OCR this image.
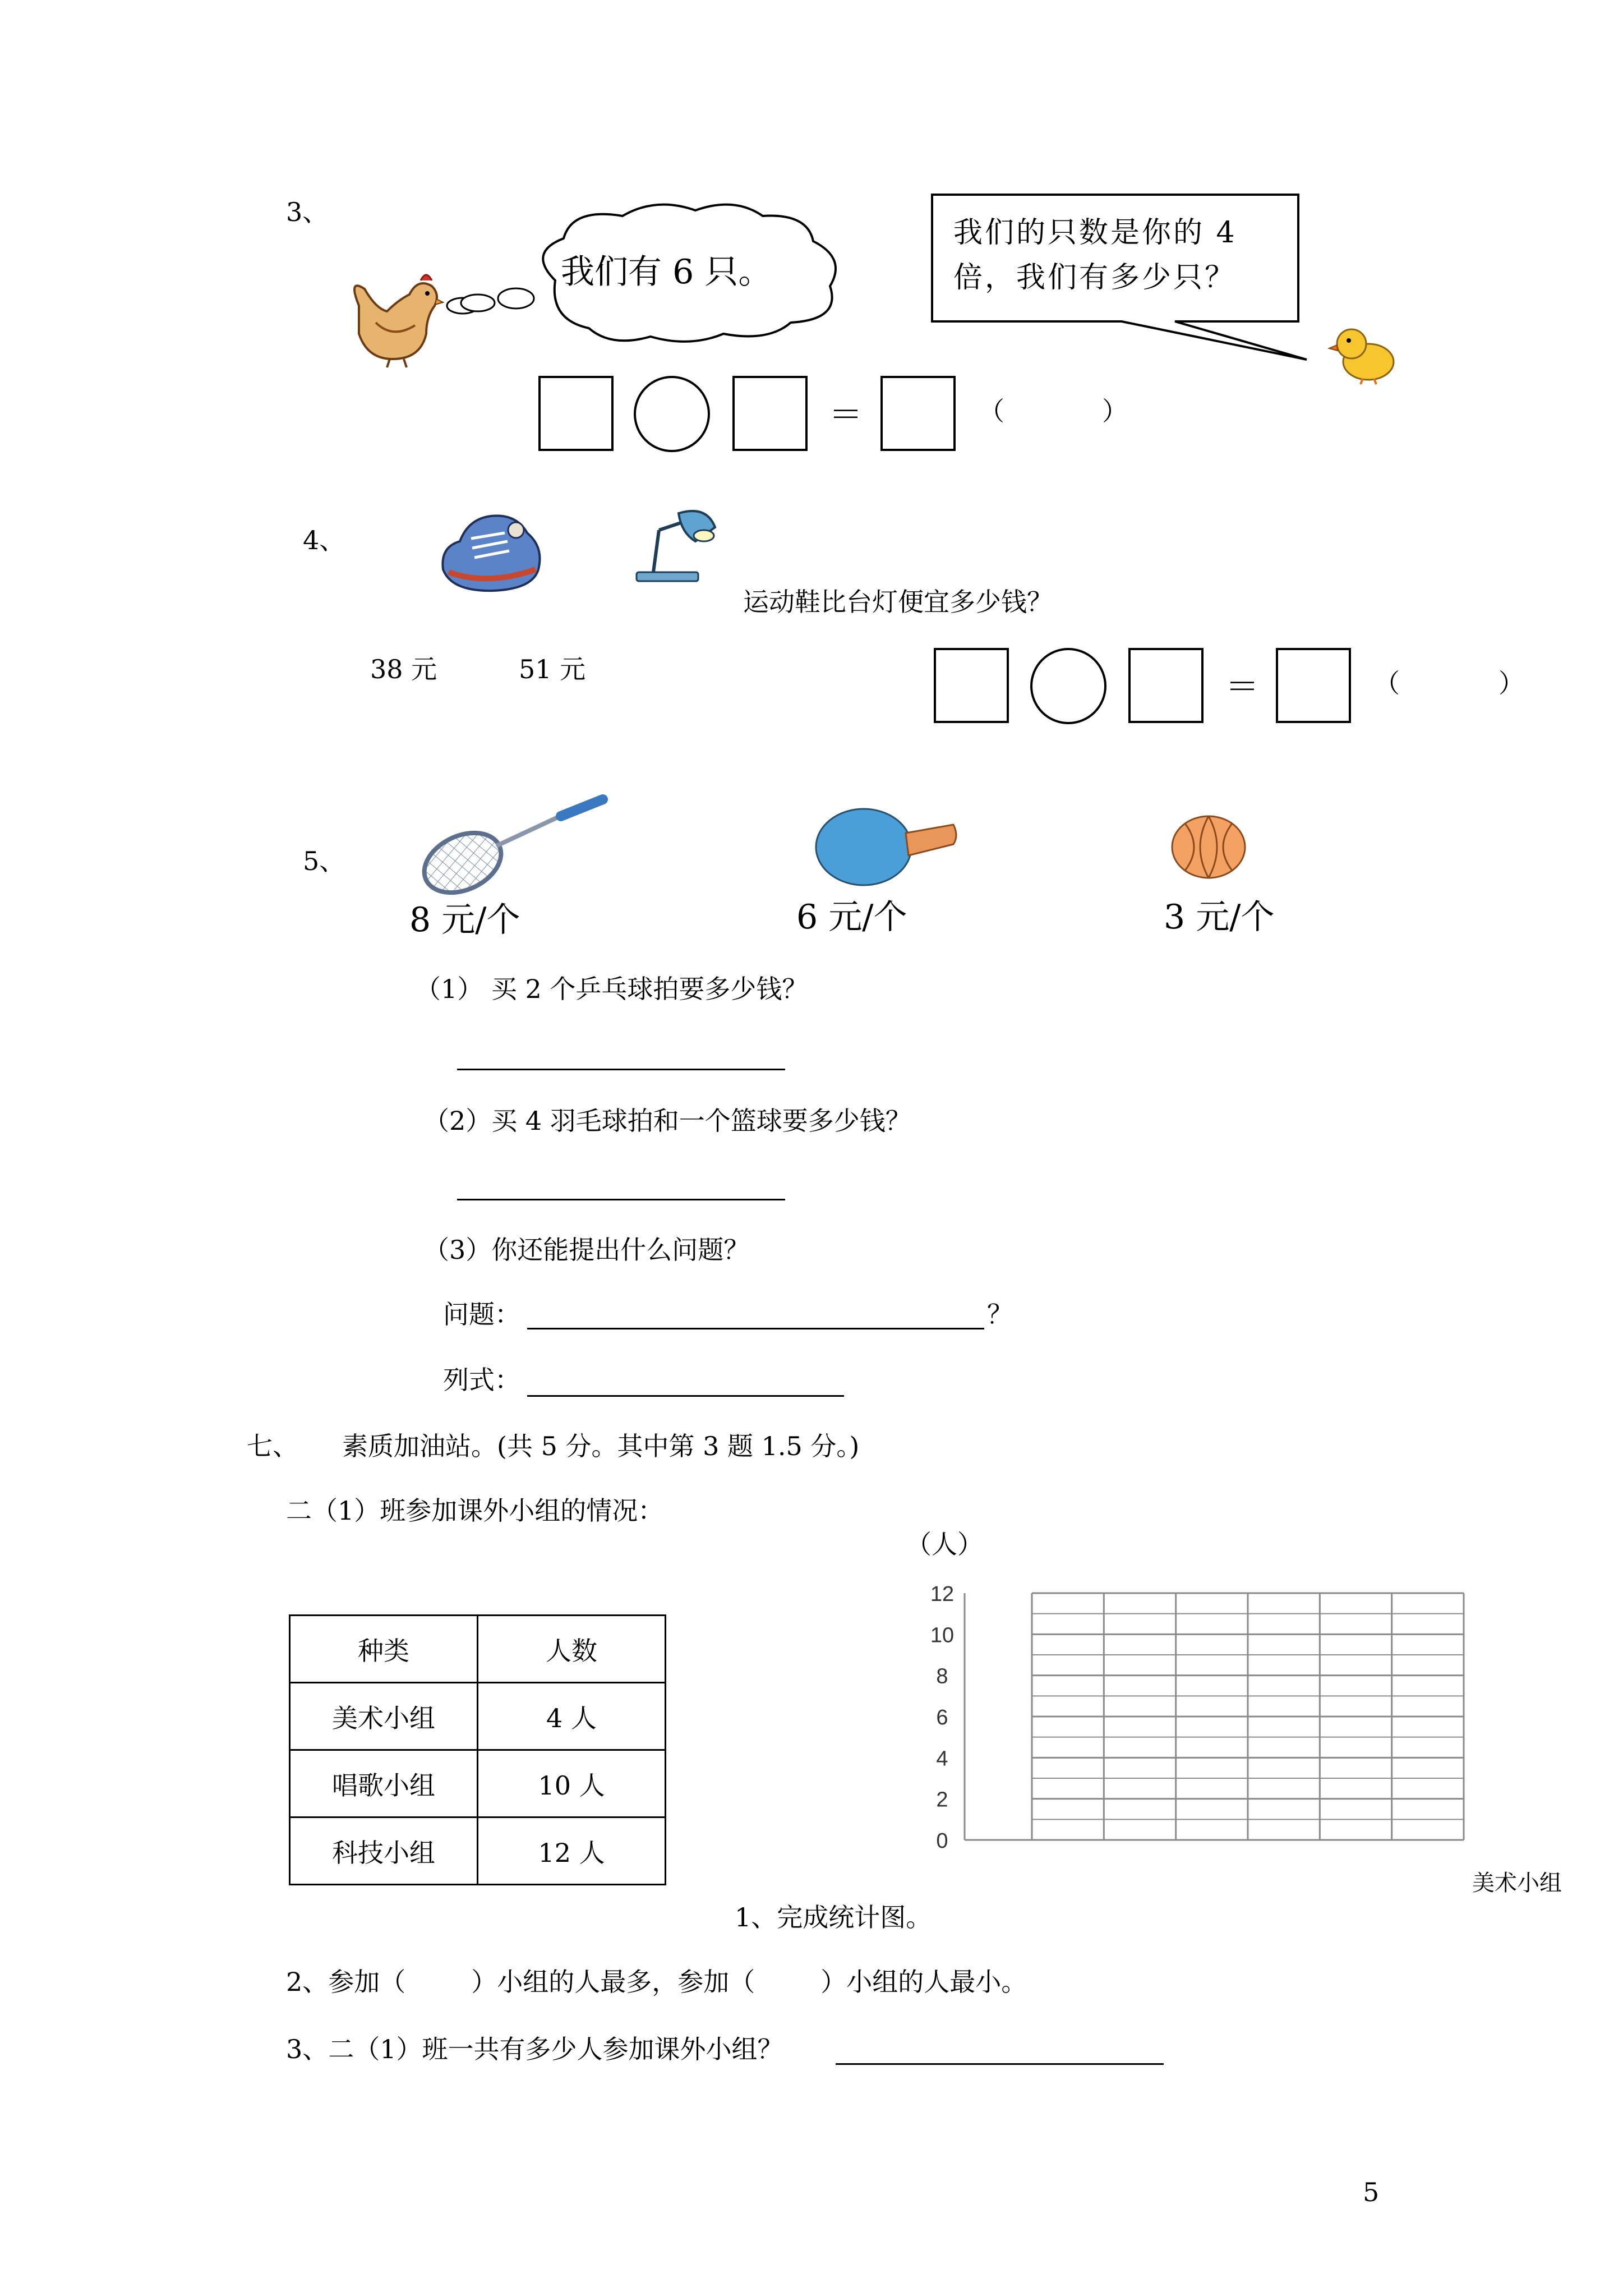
3、
我们有 6 只。
我们的只数是你的 4
倍，我们有多少只？
＝	（	）
4、
运动鞋比台灯便宜多少钱？
38 元	51 元	＝	（	）
5、
8 元/个	6 元/个	3 元/个
（1） 买 2 个乒乓球拍要多少钱？
（2）买 4 羽毛球拍和一个篮球要多少钱？
（3）你还能提出什么问题？
问题：	？
列式：
七、 素质加油站。(共 5 分。其中第 3 题 1.5 分。)
二（1）班参加课外小组的情况：
种类	人数
美术小组	4 人
唱歌小组	10 人
科技小组	12 人
（人）
0
2
4
6
8
10
12
美术小组
1、完成统计图。
2、参加（        ）小组的人最多，参加（        ）小组的人最小。
3、二（1）班一共有多少人参加课外小组？
5
